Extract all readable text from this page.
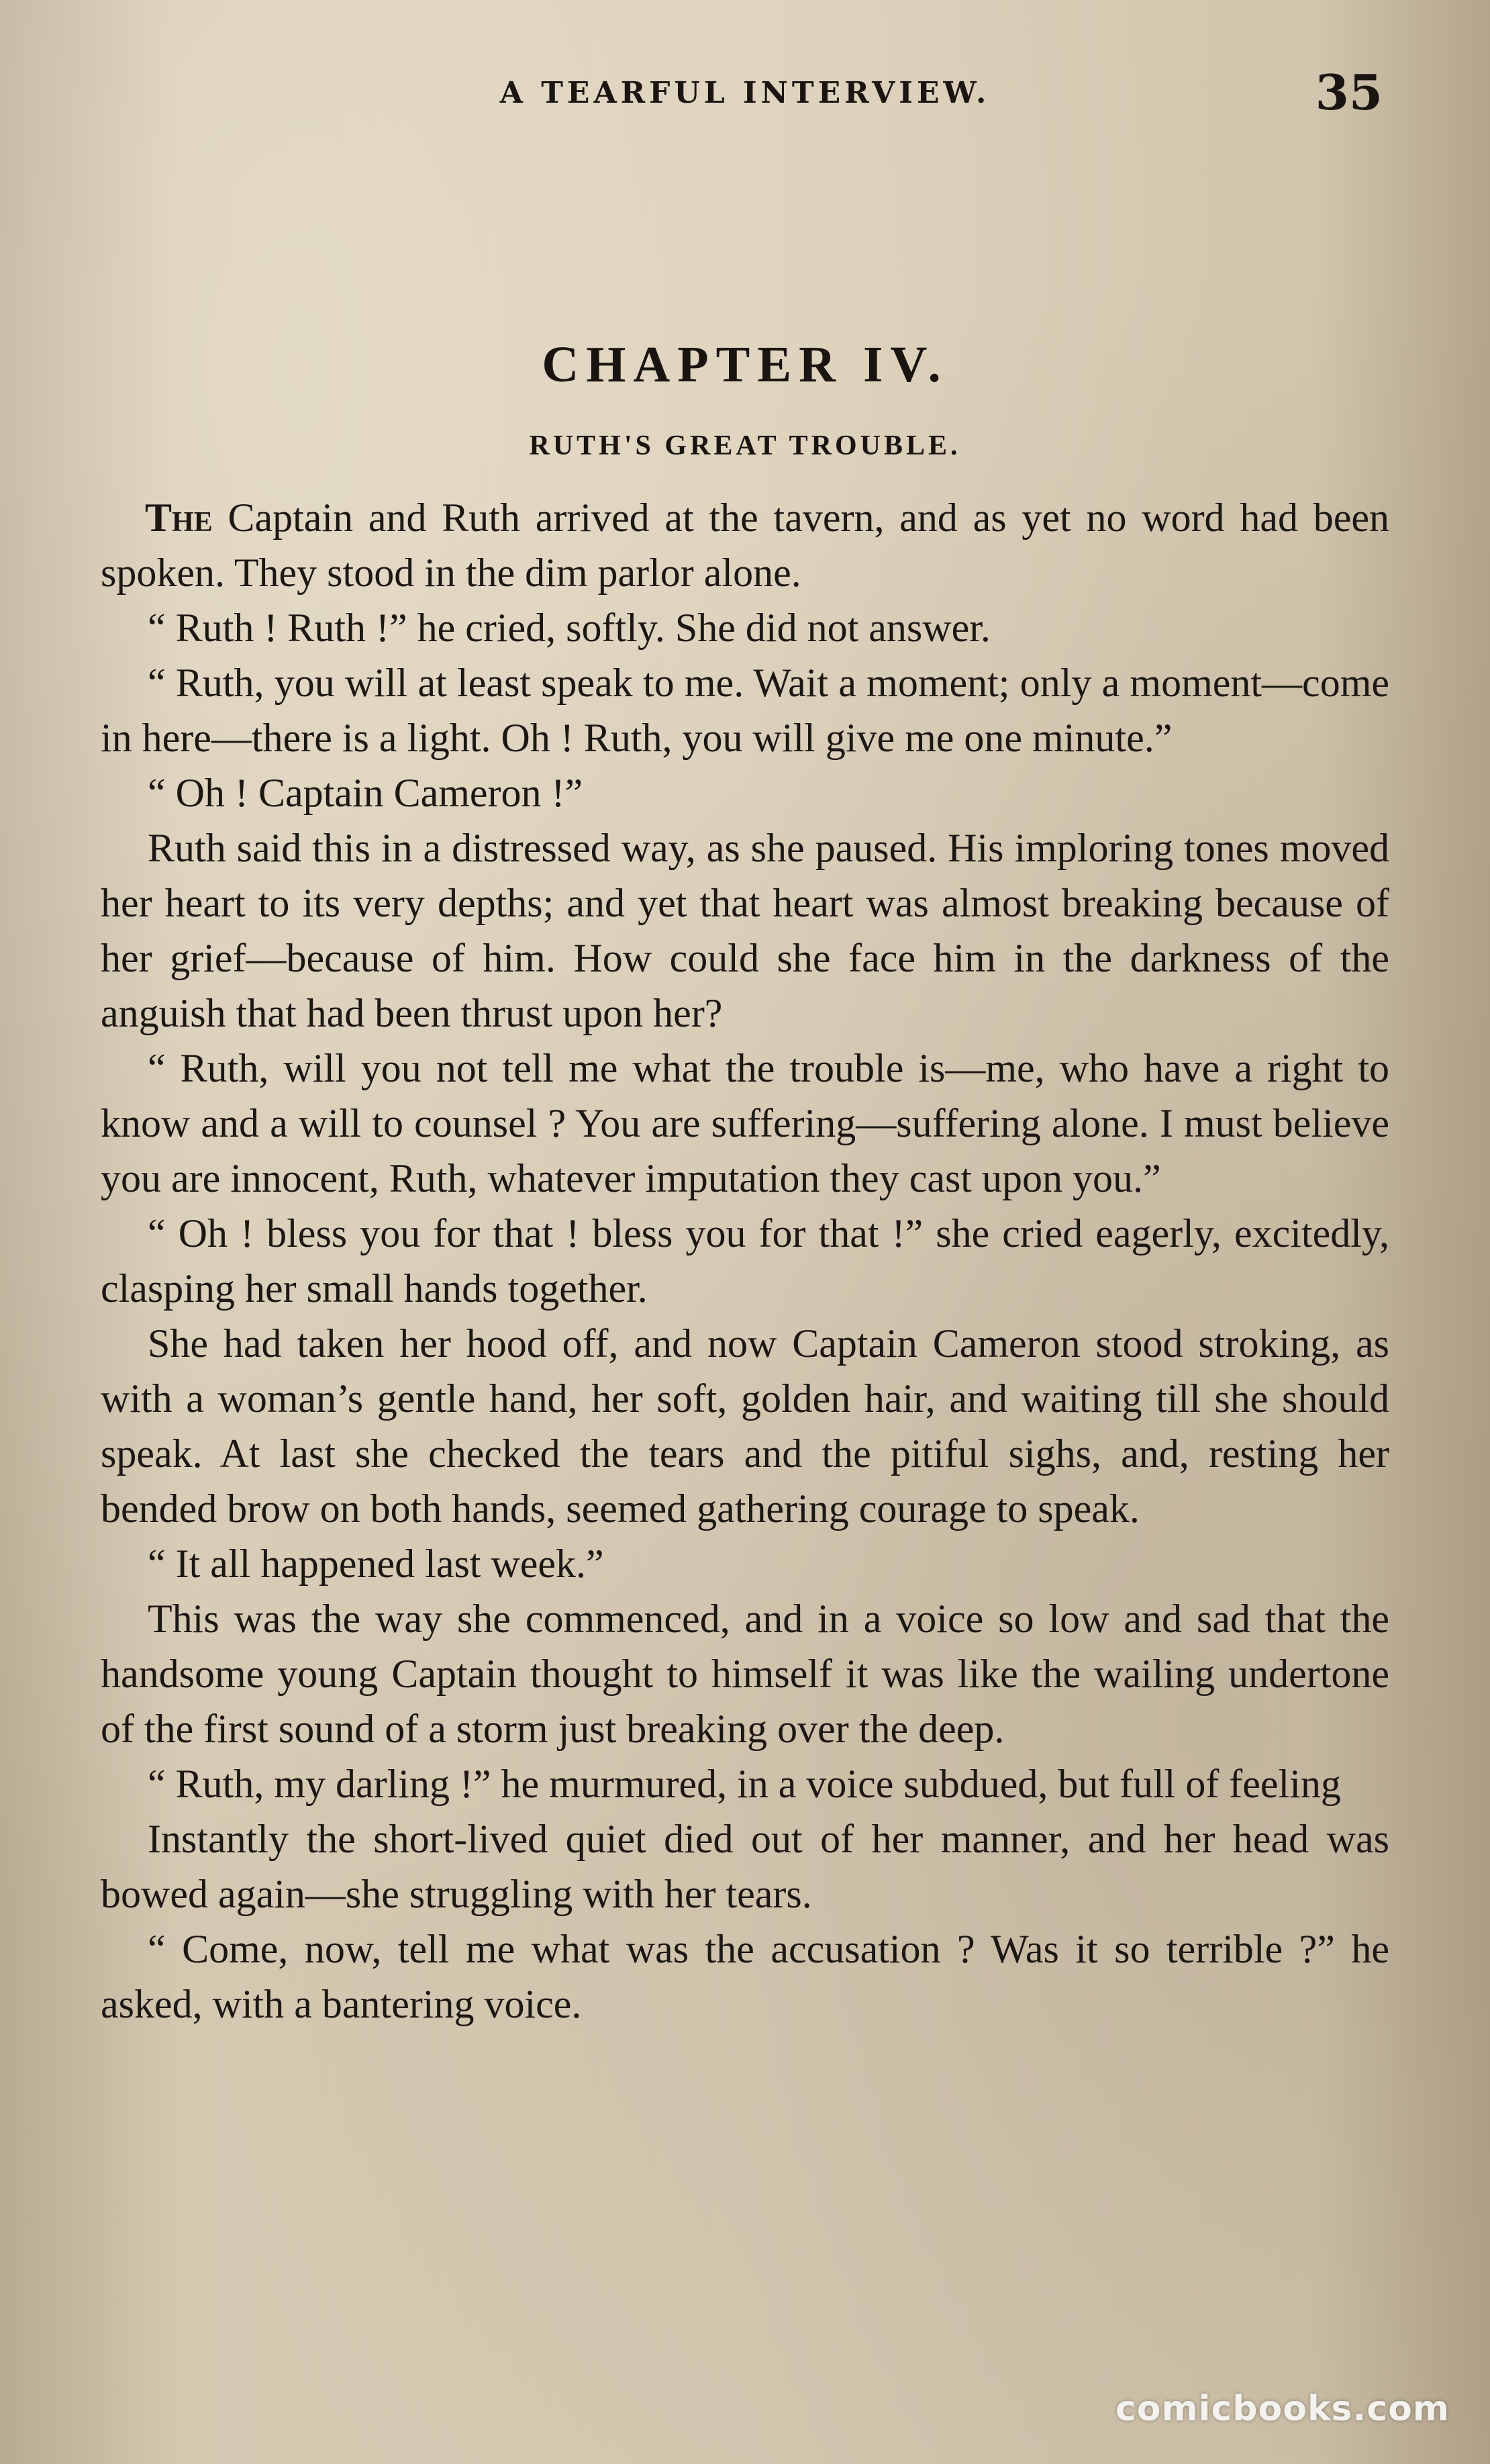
A TEARFUL INTERVIEW.	35
CHAPTER IV.
RUTH'S GREAT TROUBLE.

The Captain and Ruth arrived at the tavern, and as yet no word had been spoken. They stood in the dim parlor alone.

“ Ruth ! Ruth !” he cried, softly. She did not answer.

“ Ruth, you will at least speak to me. Wait a moment; only a moment—come in here—there is a light. Oh ! Ruth, you will give me one minute.”

“ Oh ! Captain Cameron !”

Ruth said this in a distressed way, as she paused. His imploring tones moved her heart to its very depths; and yet that heart was almost breaking because of her grief—because of him. How could she face him in the darkness of the anguish that had been thrust upon her?

“ Ruth, will you not tell me what the trouble is—me, who have a right to know and a will to counsel ? You are suffering—suffering alone. I must believe you are innocent, Ruth, whatever imputation they cast upon you.”

“ Oh ! bless you for that ! bless you for that !” she cried eagerly, excitedly, clasping her small hands together.

She had taken her hood off, and now Captain Cameron stood stroking, as with a woman’s gentle hand, her soft, golden hair, and waiting till she should speak. At last she checked the tears and the pitiful sighs, and, resting her bended brow on both hands, seemed gathering courage to speak.

“ It all happened last week.”

This was the way she commenced, and in a voice so low and sad that the handsome young Captain thought to himself it was like the wailing undertone of the first sound of a storm just breaking over the deep.

“ Ruth, my darling !” he murmured, in a voice subdued, but full of feeling

Instantly the short-lived quiet died out of her manner, and her head was bowed again—she struggling with her tears.

“ Come, now, tell me what was the accusation ? Was it so terrible ?” he asked, with a bantering voice.

comicbooks.com
